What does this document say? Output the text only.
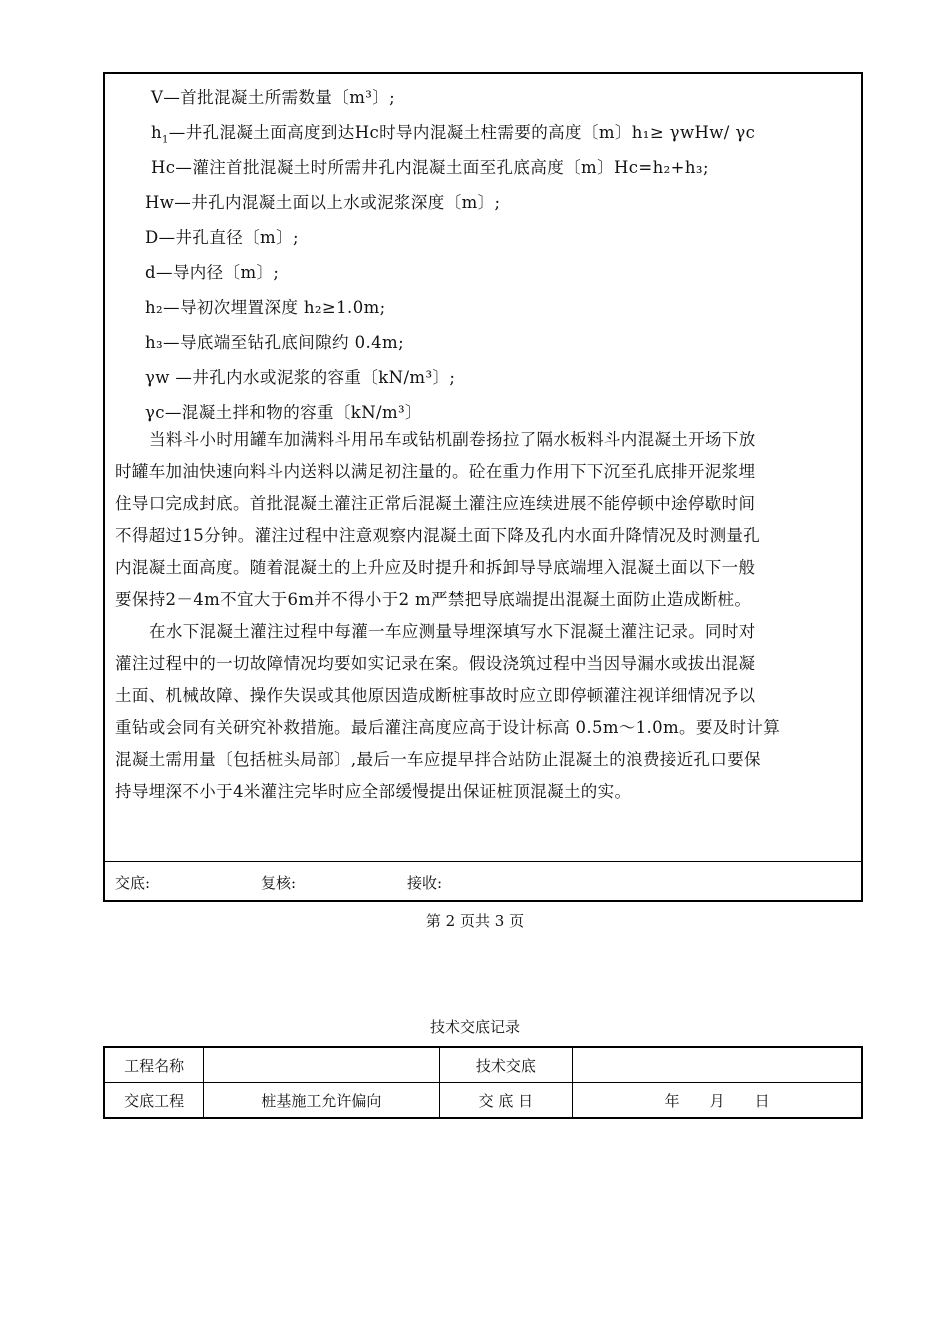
V—首批混凝土所需数量〔m³〕;
$h_1—$井孔混凝土面高度到达Hc时导内混凝土柱需要的高度〔m〕h₁≥ γwHw/ γc
Hc—灌注首批混凝土时所需井孔内混凝土面至孔底高度〔m〕Hc=h₂+h₃;
Hw—井孔内混凝土面以上水或泥浆深度〔m〕;
D—井孔直径〔m〕;
d—导内径〔m〕;
h₂—导初次埋置深度 h₂≥1.0m;
h₃—导底端至钻孔底间隙约 0.4m;
γw —井孔内水或泥浆的容重〔kN/m³〕;
γc—混凝土拌和物的容重〔kN/m³〕
当料斗小时用罐车加满料斗用吊车或钻机副卷扬拉了隔水板料斗内混凝土开场下放
时罐车加油快速向料斗内送料以满足初注量的。砼在重力作用下下沉至孔底排开泥浆埋
住导口完成封底。首批混凝土灌注正常后混凝土灌注应连续进展不能停顿中途停歇时间
不得超过15分钟。灌注过程中注意观察内混凝土面下降及孔内水面升降情况及时测量孔
内混凝土面高度。随着混凝土的上升应及时提升和拆卸导导底端埋入混凝土面以下一般
要保持2－4m不宜大于6m并不得小于2 m严禁把导底端提出混凝土面防止造成断桩。
在水下混凝土灌注过程中每灌一车应测量导埋深填写水下混凝土灌注记录。同时对
灌注过程中的一切故障情况均要如实记录在案。假设浇筑过程中当因导漏水或拔出混凝
土面、机械故障、操作失误或其他原因造成断桩事故时应立即停顿灌注视详细情况予以
重钻或会同有关研究补救措施。最后灌注高度应高于设计标高 0.5m～1.0m。要及时计算
混凝土需用量〔包括桩头局部〕,最后一车应提早拌合站防止混凝土的浪费接近孔口要保
持导埋深不小于4米灌注完毕时应全部缓慢提出保证桩顶混凝土的实。
交底:	复核:	接收:
第 2 页共 3 页
技术交底记录
工程名称		技术交底	
交底工程	桩基施工允许偏向	交 底 日	年　　月　　日
